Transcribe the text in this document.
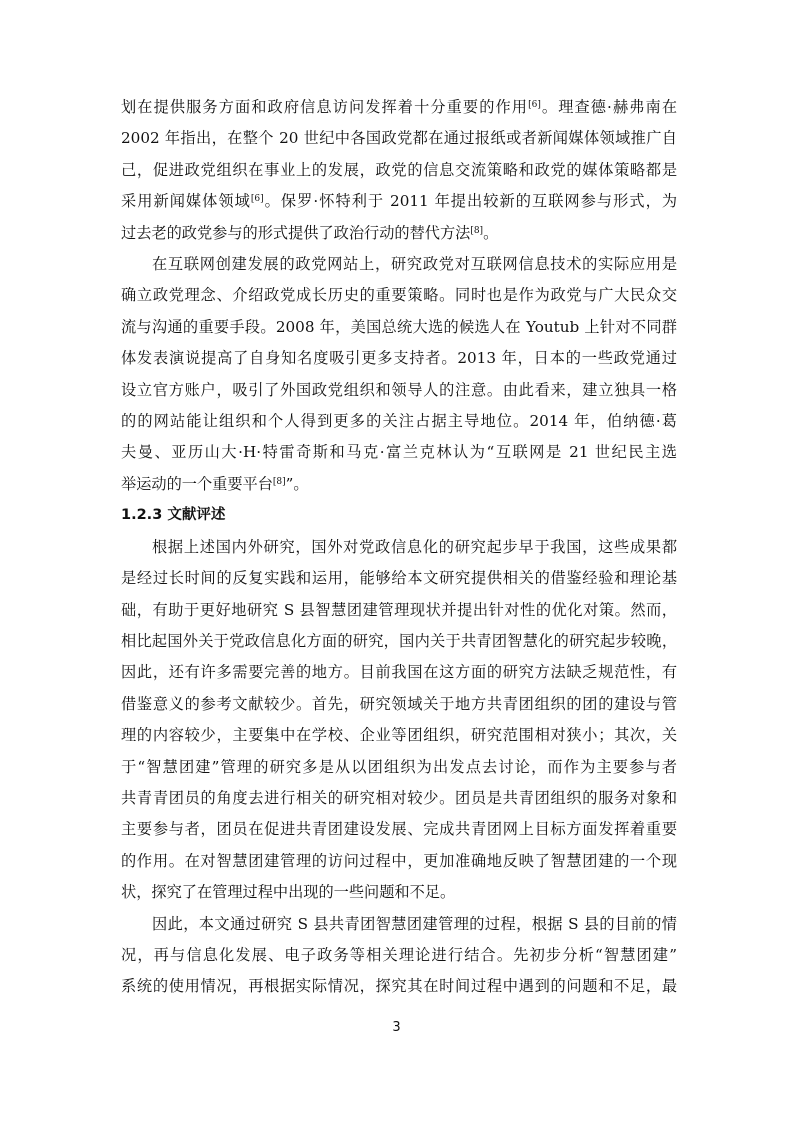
划在提供服务方面和政府信息访问发挥着十分重要的作用[6]。理查德·赫弗南在
2002 年指出，在整个 20 世纪中各国政党都在通过报纸或者新闻媒体领域推广自
己，促进政党组织在事业上的发展，政党的信息交流策略和政党的媒体策略都是
采用新闻媒体领域[6]。保罗·怀特利于 2011 年提出较新的互联网参与形式，为
过去老的政党参与的形式提供了政治行动的替代方法[8]。

在互联网创建发展的政党网站上，研究政党对互联网信息技术的实际应用是
确立政党理念、介绍政党成长历史的重要策略。同时也是作为政党与广大民众交
流与沟通的重要手段。2008 年，美国总统大选的候选人在 Youtub 上针对不同群
体发表演说提高了自身知名度吸引更多支持者。2013 年，日本的一些政党通过
设立官方账户，吸引了外国政党组织和领导人的注意。由此看来，建立独具一格
的的网站能让组织和个人得到更多的关注占据主导地位。2014 年，伯纳德·葛
夫曼、亚历山大·H·特雷奇斯和马克·富兰克林认为“互联网是 21 世纪民主选
举运动的一个重要平台[8]”。

1.2.3 文献评述

根据上述国内外研究，国外对党政信息化的研究起步早于我国，这些成果都
是经过长时间的反复实践和运用，能够给本文研究提供相关的借鉴经验和理论基
础，有助于更好地研究 S 县智慧团建管理现状并提出针对性的优化对策。然而，
相比起国外关于党政信息化方面的研究，国内关于共青团智慧化的研究起步较晚，
因此，还有许多需要完善的地方。目前我国在这方面的研究方法缺乏规范性，有
借鉴意义的参考文献较少。首先，研究领域关于地方共青团组织的团的建设与管
理的内容较少，主要集中在学校、企业等团组织，研究范围相对狭小；其次，关
于“智慧团建”管理的研究多是从以团组织为出发点去讨论，而作为主要参与者
共青青团员的角度去进行相关的研究相对较少。团员是共青团组织的服务对象和
主要参与者，团员在促进共青团建设发展、完成共青团网上目标方面发挥着重要
的作用。在对智慧团建管理的访问过程中，更加准确地反映了智慧团建的一个现
状，探究了在管理过程中出现的一些问题和不足。

因此，本文通过研究 S 县共青团智慧团建管理的过程，根据 S 县的目前的情
况，再与信息化发展、电子政务等相关理论进行结合。先初步分析“智慧团建”
系统的使用情况，再根据实际情况，探究其在时间过程中遇到的问题和不足，最

3
